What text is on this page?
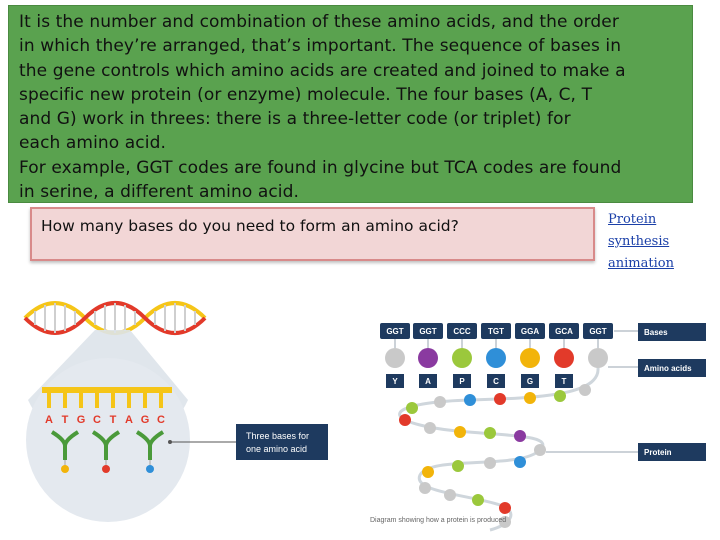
It is the number and combination of these amino acids, and the order

in which they’re arranged, that’s important. The sequence of bases in

the gene controls which amino acids are created and joined to make a

specific new protein (or enzyme) molecule. The four bases (A, C, T

and G) work in threes: there is a three-letter code (or triplet) for

each amino acid.

For example, GGT codes are found in glycine but TCA codes are found

in serine, a different amino acid.

How many bases do you need to form an amino acid?	Protein
synthesis
animation
A T G C T A G C
Three bases for
one amino acid
GGT GGT CCC TGT GGA GCA GGT
Y	A	P	C	G	T
Bases
Amino acids
Protein
Diagram showing how a protein is produced
